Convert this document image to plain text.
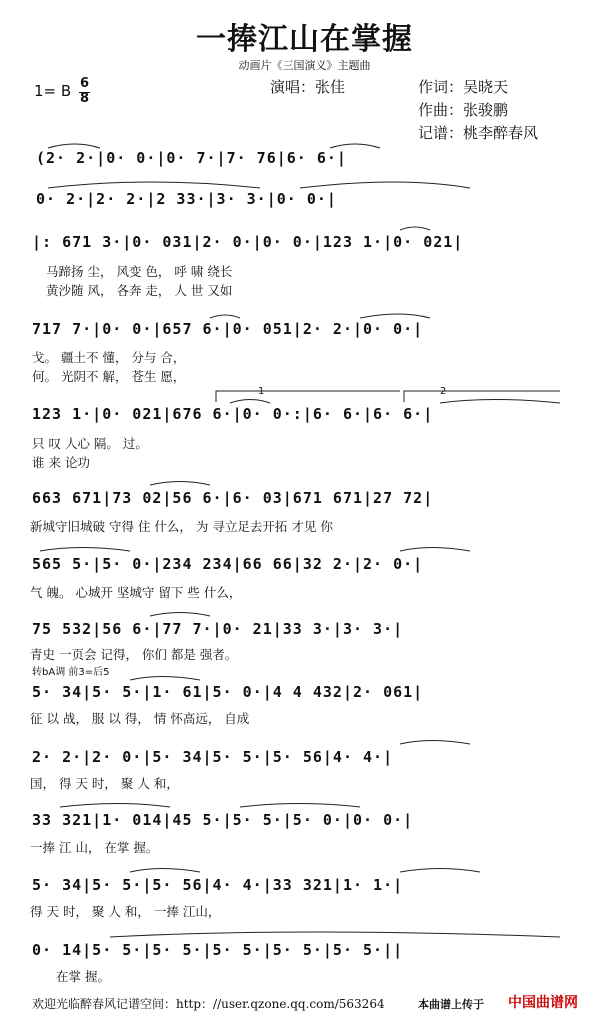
一捧江山在掌握
动画片《三国演义》主题曲
1= B 6
8
演唱：张佳	作词：吴晓天
作曲：张骏鹏
记谱：桃李醉春风
(2· 2·|0· 0·|0· 7·|7· 76|6· 6·|
0· 2·|2· 2·|2 33·|3· 3·|0· 0·|
|: 671 3·|0· 031|2· 0·|0· 0·|123 1·|0· 021|
马蹄扬 尘， 风变 色， 呼 啸 绕长
黄沙随 风， 各奔 走， 人 世 又如
717 7·|0· 0·|657 6·|0· 051|2· 2·|0· 0·|
戈。 疆土不 懂， 分与 合，
何。 光阴不 解， 苍生 愿，
1	2
123 1·|0· 021|676 6·|0· 0·:|6· 6·|6· 6·|
只 叹 人心 隔。 过。
谁 来 论功
663 671|73 02|56 6·|6· 03|671 671|27 72|
新城守旧城破 守得 住 什么， 为 寻立足去开拓 才见 你
565 5·|5· 0·|234 234|66 66|32 2·|2· 0·|
气 魄。 心城开 坚城守 留下 些 什么，
75 532|56 6·|77 7·|0· 21|33 3·|3· 3·|
青史 一页会 记得， 你们 都是 强者。
转bA调 前3=后5
5· 34|5· 5·|1· 61|5· 0·|4 4 432|2· 061|
征 以 战， 服 以 得， 情 怀高远， 自成
2· 2·|2· 0·|5· 34|5· 5·|5· 56|4· 4·|
国， 得 天 时， 聚 人 和，
33 321|1· 014|45 5·|5· 5·|5· 0·|0· 0·|
一捧 江 山， 在掌 握。
5· 34|5· 5·|5· 56|4· 4·|33 321|1· 1·|
得 天 时， 聚 人 和， 一捧 江山，
0· 14|5· 5·|5· 5·|5· 5·|5· 5·|5· 5·||
在掌 握。
欢迎光临醉春风记谱空间：http：//user.qzone.qq.com/563264	本曲谱上传于 中国曲谱网
